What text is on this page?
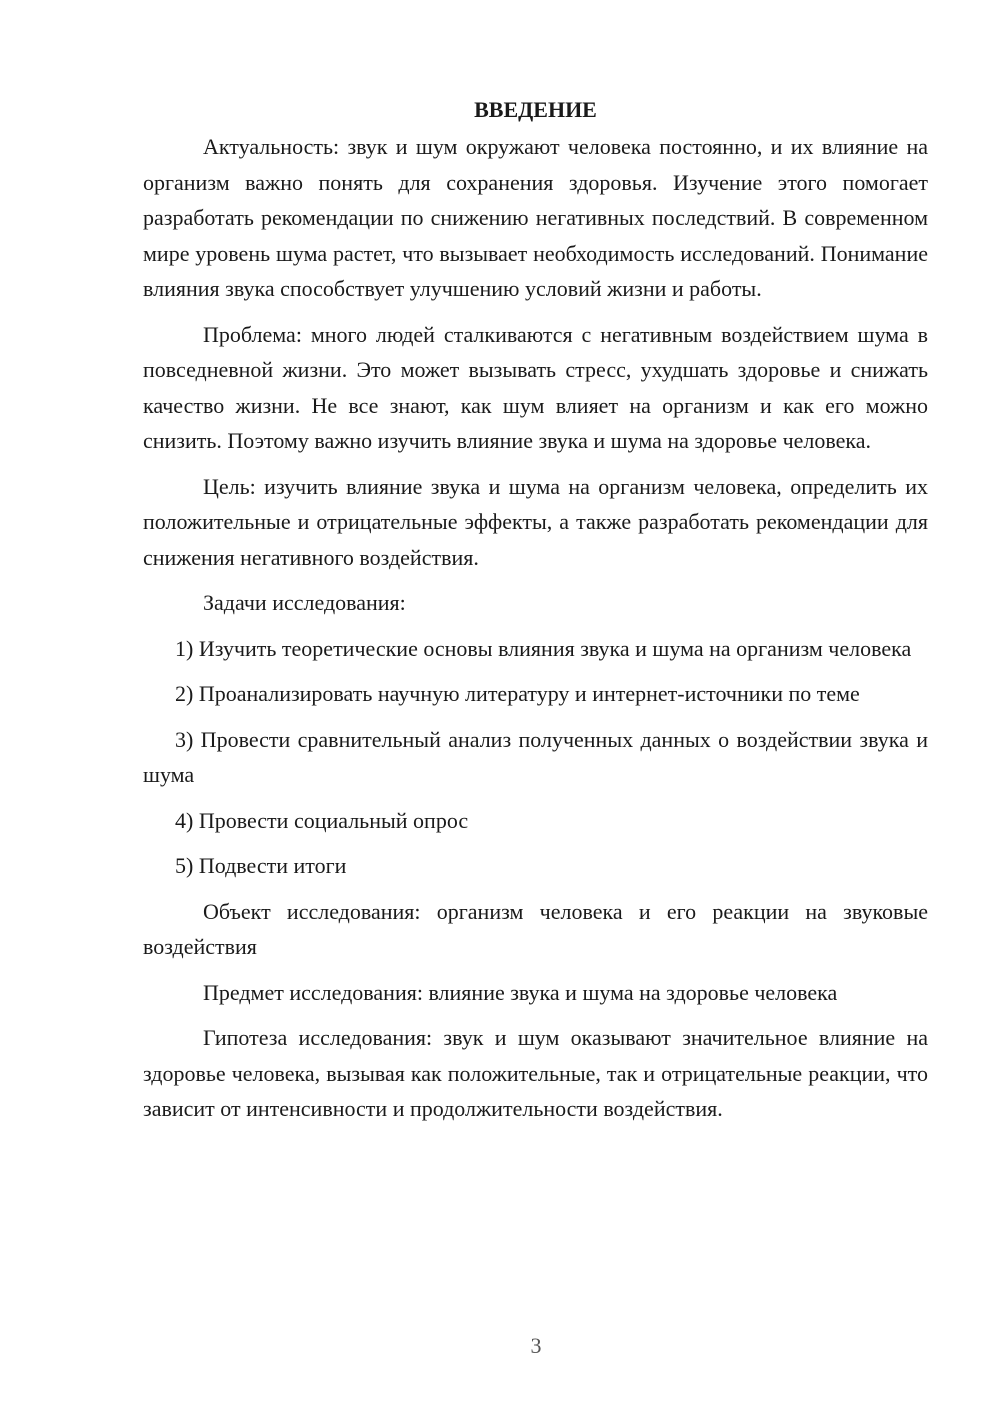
ВВЕДЕНИЕ

Актуальность: звук и шум окружают человека постоянно, и их влияние на организм важно понять для сохранения здоровья. Изучение этого помогает разработать рекомендации по снижению негативных последствий. В современном мире уровень шума растет, что вызывает необходимость исследований. Понимание влияния звука способствует улучшению условий жизни и работы.

Проблема: много людей сталкиваются с негативным воздействием шума в повседневной жизни. Это может вызывать стресс, ухудшать здоровье и снижать качество жизни. Не все знают, как шум влияет на организм и как его можно снизить. Поэтому важно изучить влияние звука и шума на здоровье человека.

Цель: изучить влияние звука и шума на организм человека, определить их положительные и отрицательные эффекты, а также разработать рекомендации для снижения негативного воздействия.

Задачи исследования:

1) Изучить теоретические основы влияния звука и шума на организм человека

2) Проанализировать научную литературу и интернет-источники по теме

3) Провести сравнительный анализ полученных данных о воздействии звука и шума

4) Провести социальный опрос

5) Подвести итоги

Объект исследования: организм человека и его реакции на звуковые воздействия

Предмет исследования: влияние звука и шума на здоровье человека

Гипотеза исследования: звук и шум оказывают значительное влияние на здоровье человека, вызывая как положительные, так и отрицательные реакции, что зависит от интенсивности и продолжительности воздействия.

3
